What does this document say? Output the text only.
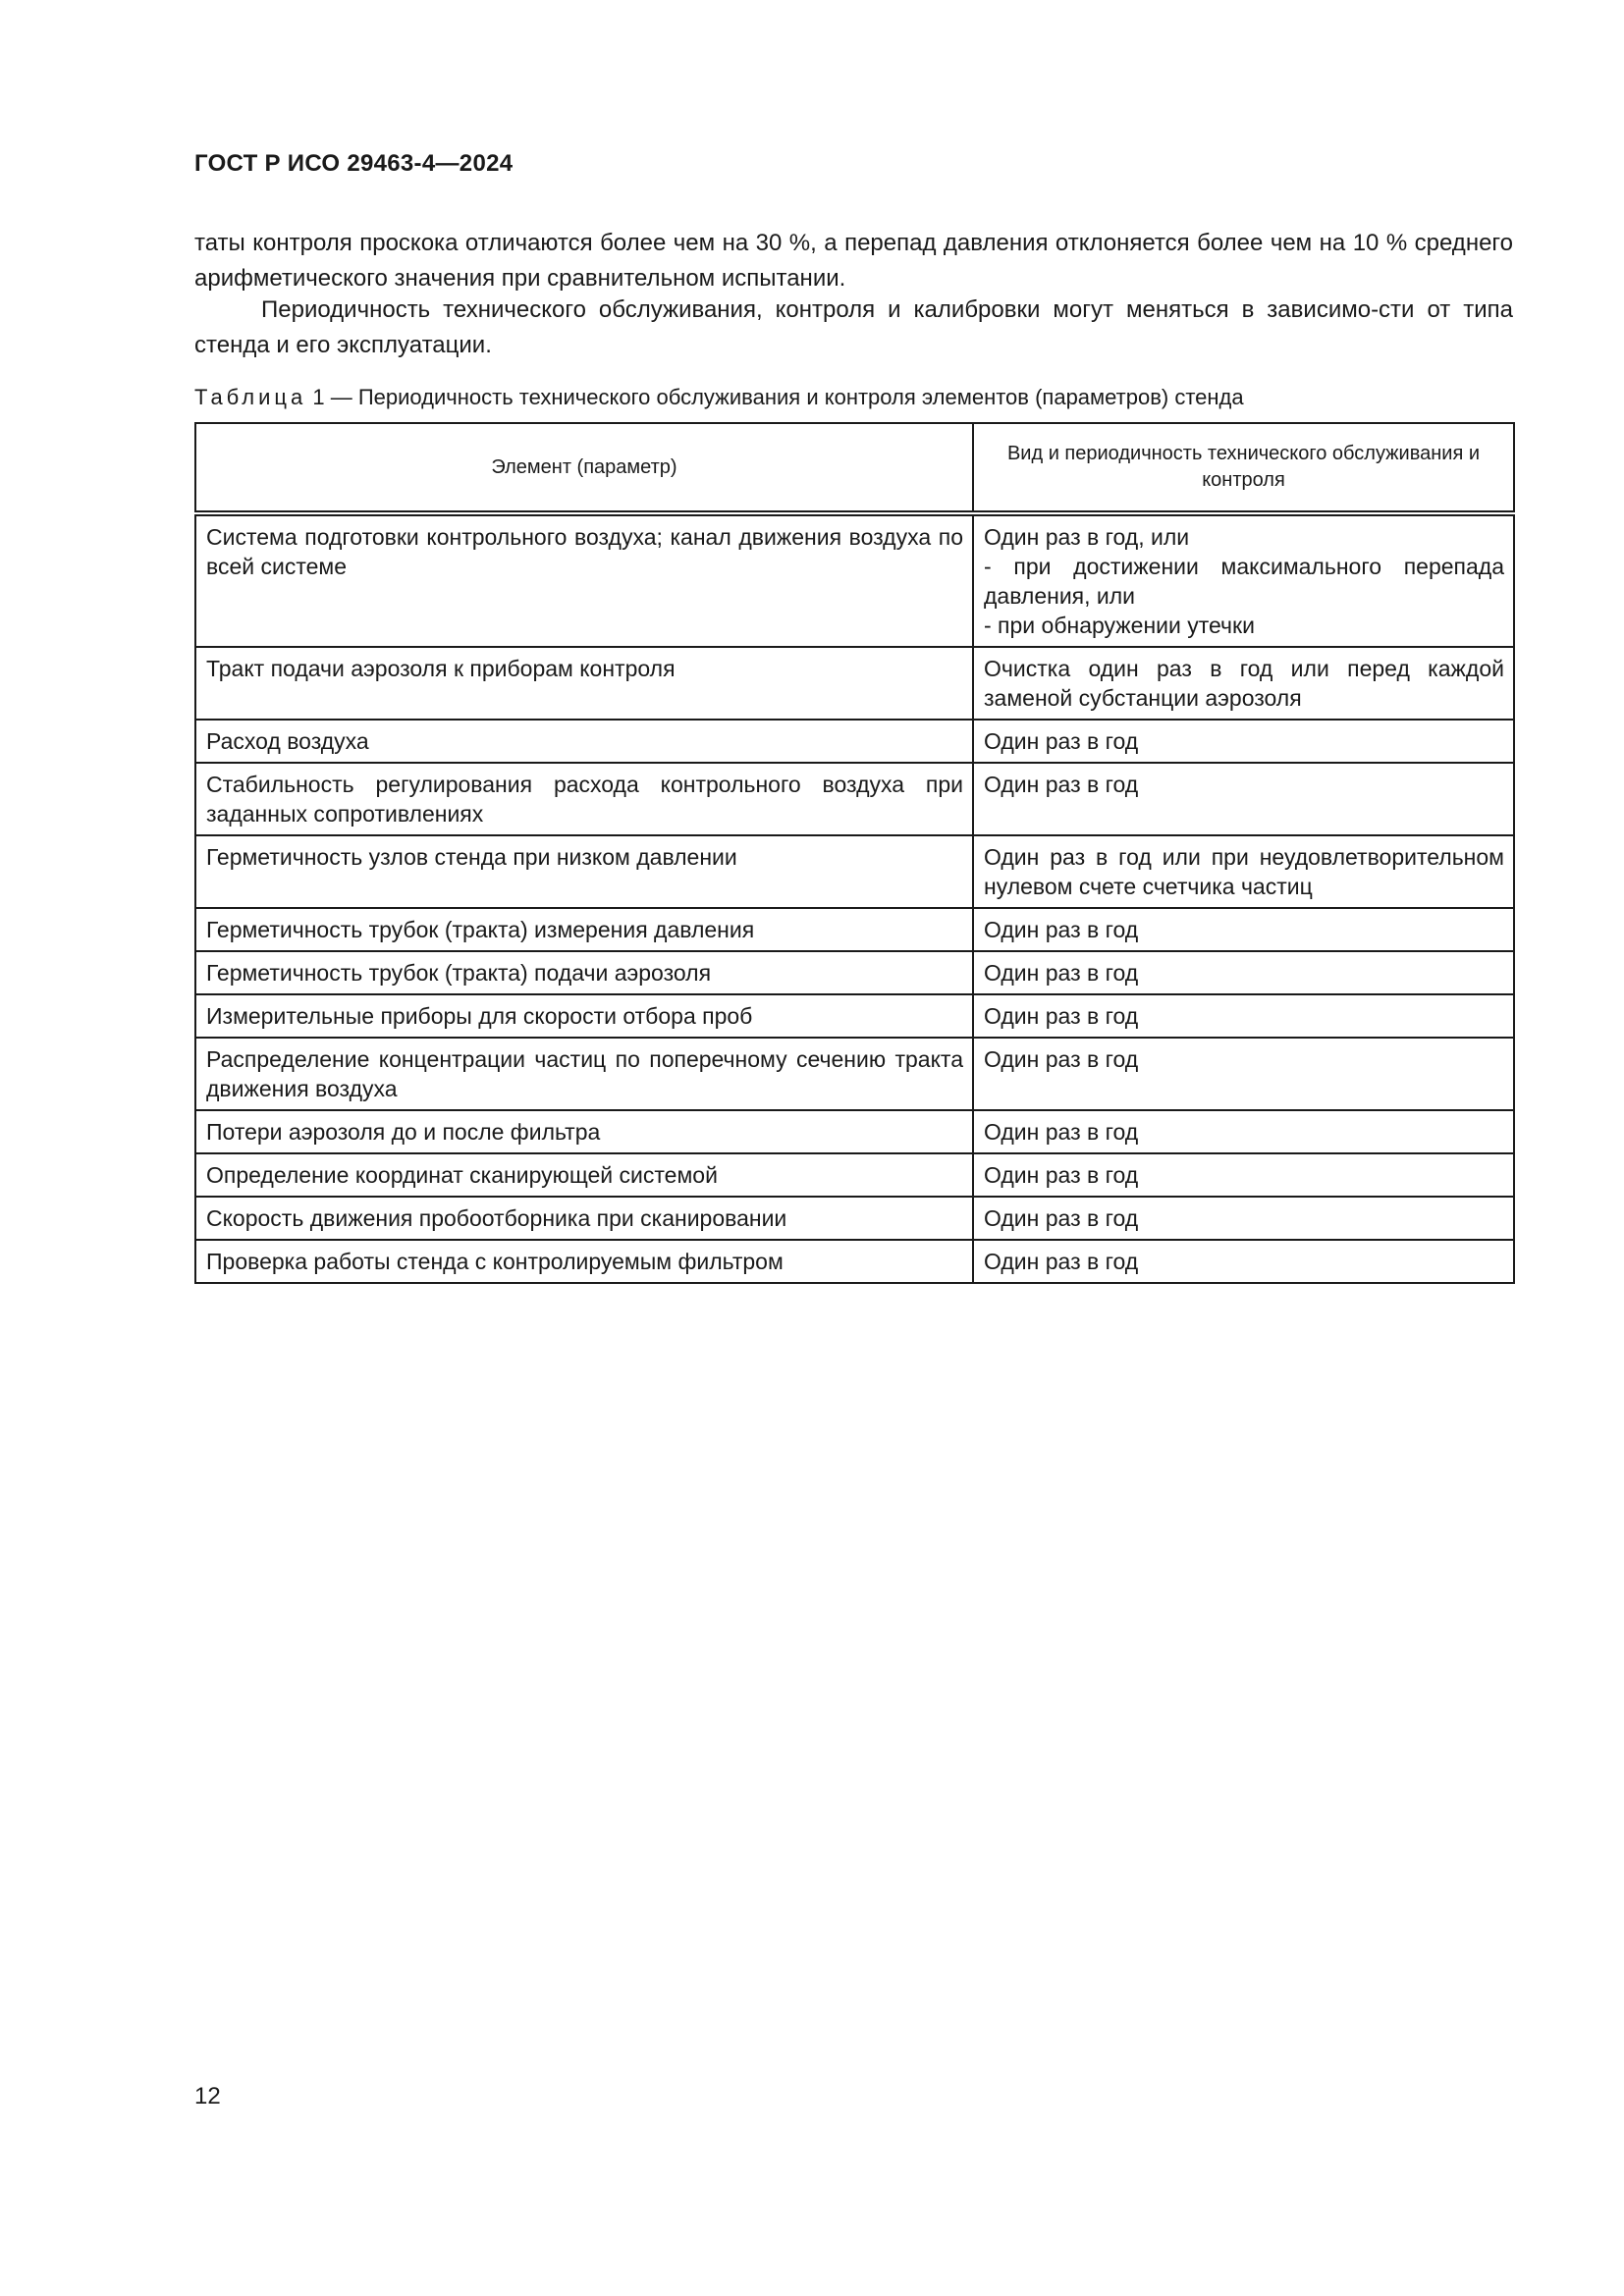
ГОСТ Р ИСО 29463-4—2024
таты контроля проскока отличаются более чем на 30 %, а перепад давления отклоняется более чем на 10 % среднего арифметического значения при сравнительном испытании.
Периодичность технического обслуживания, контроля и калибровки могут меняться в зависимо-сти от типа стенда и его эксплуатации.
Таблица 1 — Периодичность технического обслуживания и контроля элементов (параметров) стенда
Элемент (параметр)	Вид и периодичность технического обслуживания и контроля
Система подготовки контрольного воздуха; канал движения воздуха по всей системе	Один раз в год, или
- при достижении максимального перепада давления, или
- при обнаружении утечки

Тракт подачи аэрозоля к приборам контроля	Очистка один раз в год или перед каждой заменой субстанции аэрозоля

Расход воздуха	Один раз в год

Стабильность регулирования расхода контрольного воздуха при заданных сопротивлениях	Один раз в год

Герметичность узлов стенда при низком давлении	Один раз в год или при неудовлетворительном нулевом счете счетчика частиц

Герметичность трубок (тракта) измерения давления	Один раз в год

Герметичность трубок (тракта) подачи аэрозоля	Один раз в год

Измерительные приборы для скорости отбора проб	Один раз в год

Распределение концентрации частиц по поперечному сечению тракта движения воздуха	Один раз в год

Потери аэрозоля до и после фильтра	Один раз в год

Определение координат сканирующей системой	Один раз в год

Скорость движения пробоотборника при сканировании	Один раз в год

Проверка работы стенда с контролируемым фильтром	Один раз в год
12
